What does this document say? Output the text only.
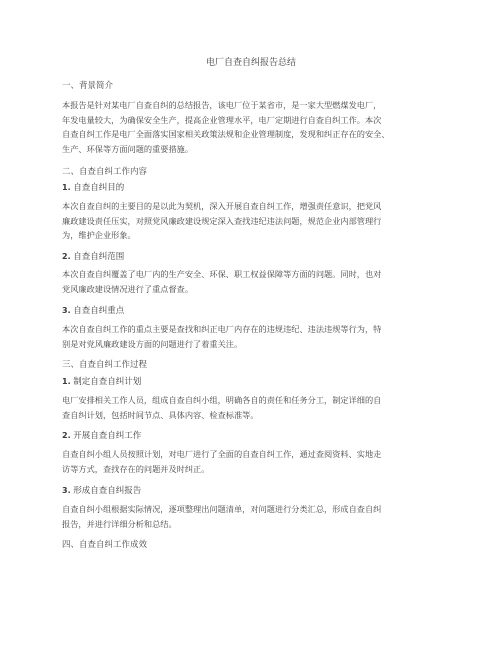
电厂自查自纠报告总结
一、背景简介
本报告是针对某电厂自查自纠的总结报告，该电厂位于某省市，是一家大型燃煤发电厂，
年发电量较大，为确保安全生产，提高企业管理水平，电厂定期进行自查自纠工作。本次
自查自纠工作是电厂全面落实国家相关政策法规和企业管理制度，发现和纠正存在的安全、
生产、环保等方面问题的重要措施。
二、自查自纠工作内容
1. 自查自纠目的
本次自查自纠的主要目的是以此为契机，深入开展自查自纠工作，增强责任意识，把党风
廉政建设责任压实，对照党风廉政建设规定深入查找违纪违法问题，规范企业内部管理行
为，维护企业形象。
2. 自查自纠范围
本次自查自纠覆盖了电厂内的生产安全、环保、职工权益保障等方面的问题。同时，也对
党风廉政建设情况进行了重点督查。
3. 自查自纠重点
本次自查自纠工作的重点主要是查找和纠正电厂内存在的违规违纪、违法违规等行为，特
别是对党风廉政建设方面的问题进行了着重关注。
三、自查自纠工作过程
1. 制定自查自纠计划
电厂安排相关工作人员，组成自查自纠小组，明确各自的责任和任务分工，制定详细的自
查自纠计划，包括时间节点、具体内容、检查标准等。
2. 开展自查自纠工作
自查自纠小组人员按照计划，对电厂进行了全面的自查自纠工作，通过查阅资料、实地走
访等方式，查找存在的问题并及时纠正。
3. 形成自查自纠报告
自查自纠小组根据实际情况，逐项整理出问题清单，对问题进行分类汇总，形成自查自纠
报告，并进行详细分析和总结。
四、自查自纠工作成效
